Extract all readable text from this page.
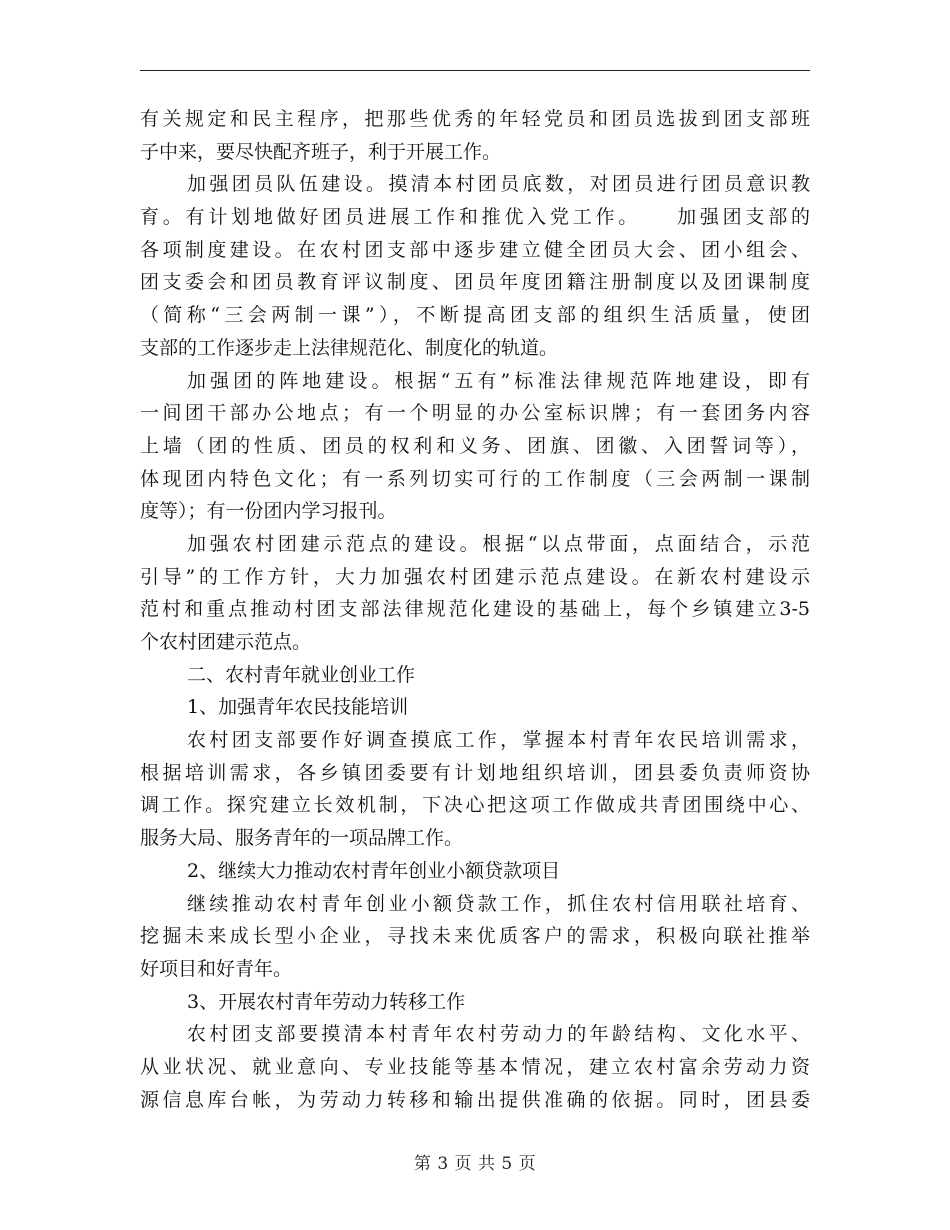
有关规定和民主程序，把那些优秀的年轻党员和团员选拔到团支部班
子中来，要尽快配齐班子，利于开展工作。
加强团员队伍建设。摸清本村团员底数，对团员进行团员意识教
育。有计划地做好团员进展工作和推优入党工作。　　加强团支部的
各项制度建设。在农村团支部中逐步建立健全团员大会、团小组会、
团支委会和团员教育评议制度、团员年度团籍注册制度以及团课制度
（简称“三会两制一课”），不断提高团支部的组织生活质量，使团
支部的工作逐步走上法律规范化、制度化的轨道。
加强团的阵地建设。根据“五有”标准法律规范阵地建设，即有
一间团干部办公地点；有一个明显的办公室标识牌；有一套团务内容
上墙（团的性质、团员的权利和义务、团旗、团徽、入团誓词等），
体现团内特色文化；有一系列切实可行的工作制度（三会两制一课制
度等）；有一份团内学习报刊。
加强农村团建示范点的建设。根据“以点带面，点面结合，示范
引导”的工作方针，大力加强农村团建示范点建设。在新农村建设示
范村和重点推动村团支部法律规范化建设的基础上，每个乡镇建立3-5
个农村团建示范点。
二、农村青年就业创业工作
1、加强青年农民技能培训
农村团支部要作好调查摸底工作，掌握本村青年农民培训需求，
根据培训需求，各乡镇团委要有计划地组织培训，团县委负责师资协
调工作。探究建立长效机制，下决心把这项工作做成共青团围绕中心、
服务大局、服务青年的一项品牌工作。
2、继续大力推动农村青年创业小额贷款项目
继续推动农村青年创业小额贷款工作，抓住农村信用联社培育、
挖掘未来成长型小企业，寻找未来优质客户的需求，积极向联社推举
好项目和好青年。
3、开展农村青年劳动力转移工作
农村团支部要摸清本村青年农村劳动力的年龄结构、文化水平、
从业状况、就业意向、专业技能等基本情况，建立农村富余劳动力资
源信息库台帐，为劳动力转移和输出提供准确的依据。同时，团县委
第 3 页 共 5 页
